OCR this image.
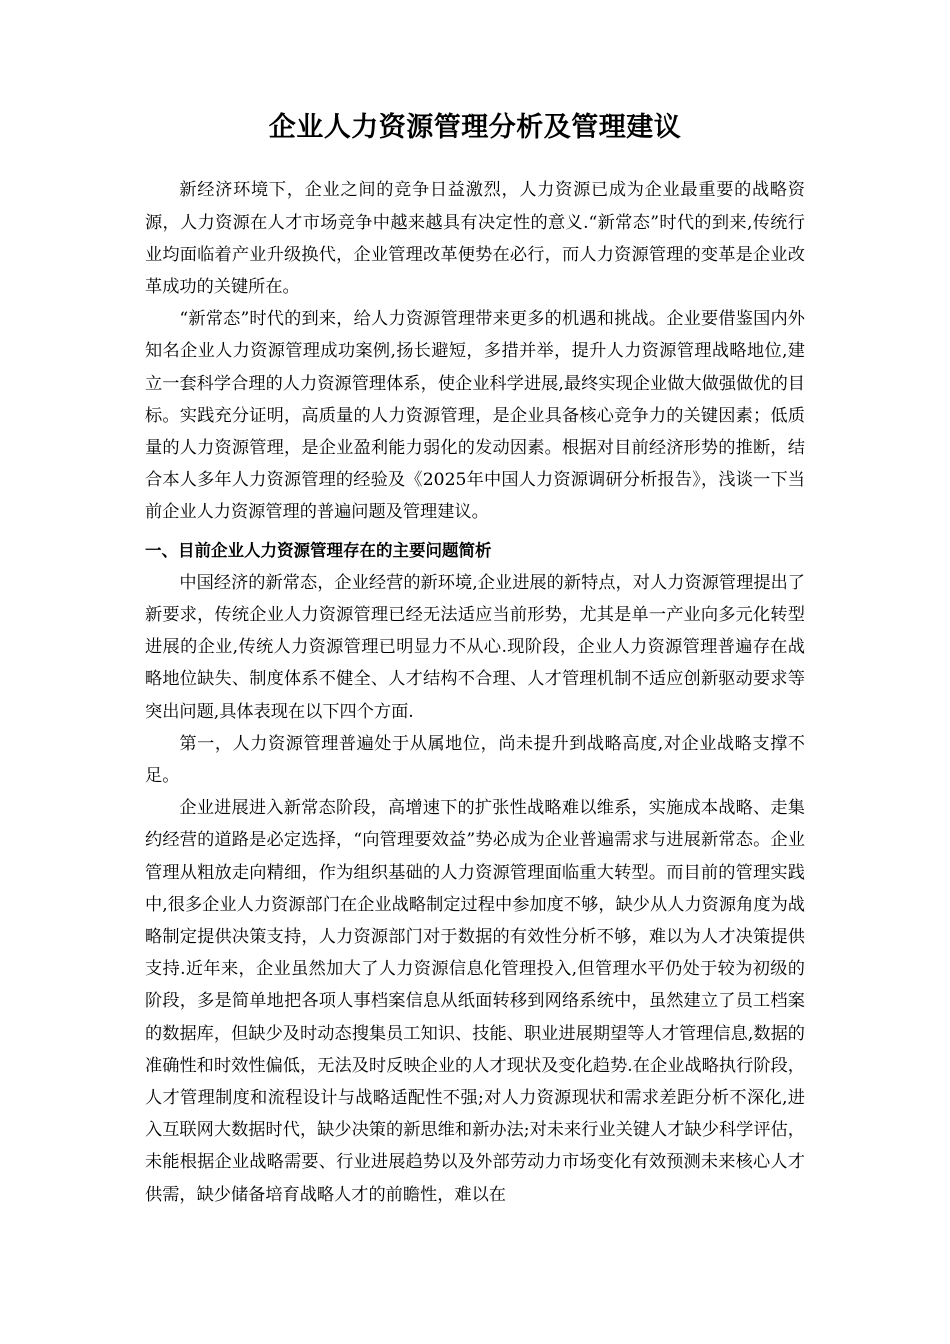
企业人力资源管理分析及管理建议

新经济环境下，企业之间的竞争日益激烈，人力资源已成为企业最重要的战略资源，人力资源在人才市场竞争中越来越具有决定性的意义.“新常态”时代的到来,传统行业均面临着产业升级换代，企业管理改革便势在必行，而人力资源管理的变革是企业改革成功的关键所在。

“新常态”时代的到来，给人力资源管理带来更多的机遇和挑战。企业要借鉴国内外知名企业人力资源管理成功案例,扬长避短，多措并举，提升人力资源管理战略地位,建立一套科学合理的人力资源管理体系，使企业科学进展,最终实现企业做大做强做优的目标。实践充分证明，高质量的人力资源管理，是企业具备核心竞争力的关键因素；低质量的人力资源管理，是企业盈利能力弱化的发动因素。根据对目前经济形势的推断，结合本人多年人力资源管理的经验及《2025年中国人力资源调研分析报告》，浅谈一下当前企业人力资源管理的普遍问题及管理建议。

一、目前企业人力资源管理存在的主要问题简析

中国经济的新常态，企业经营的新环境,企业进展的新特点，对人力资源管理提出了新要求，传统企业人力资源管理已经无法适应当前形势，尤其是单一产业向多元化转型进展的企业,传统人力资源管理已明显力不从心.现阶段，企业人力资源管理普遍存在战略地位缺失、制度体系不健全、人才结构不合理、人才管理机制不适应创新驱动要求等突出问题,具体表现在以下四个方面.

第一，人力资源管理普遍处于从属地位，尚未提升到战略高度,对企业战略支撑不足。

企业进展进入新常态阶段，高增速下的扩张性战略难以维系，实施成本战略、走集约经营的道路是必定选择，“向管理要效益”势必成为企业普遍需求与进展新常态。企业管理从粗放走向精细，作为组织基础的人力资源管理面临重大转型。而目前的管理实践中,很多企业人力资源部门在企业战略制定过程中参加度不够，缺少从人力资源角度为战略制定提供决策支持，人力资源部门对于数据的有效性分析不够，难以为人才决策提供支持.近年来，企业虽然加大了人力资源信息化管理投入,但管理水平仍处于较为初级的阶段，多是简单地把各项人事档案信息从纸面转移到网络系统中，虽然建立了员工档案的数据库，但缺少及时动态搜集员工知识、技能、职业进展期望等人才管理信息,数据的准确性和时效性偏低，无法及时反映企业的人才现状及变化趋势.在企业战略执行阶段，人才管理制度和流程设计与战略适配性不强;对人力资源现状和需求差距分析不深化,进入互联网大数据时代，缺少决策的新思维和新办法;对未来行业关键人才缺少科学评估，未能根据企业战略需要、行业进展趋势以及外部劳动力市场变化有效预测未来核心人才供需，缺少储备培育战略人才的前瞻性，难以在
